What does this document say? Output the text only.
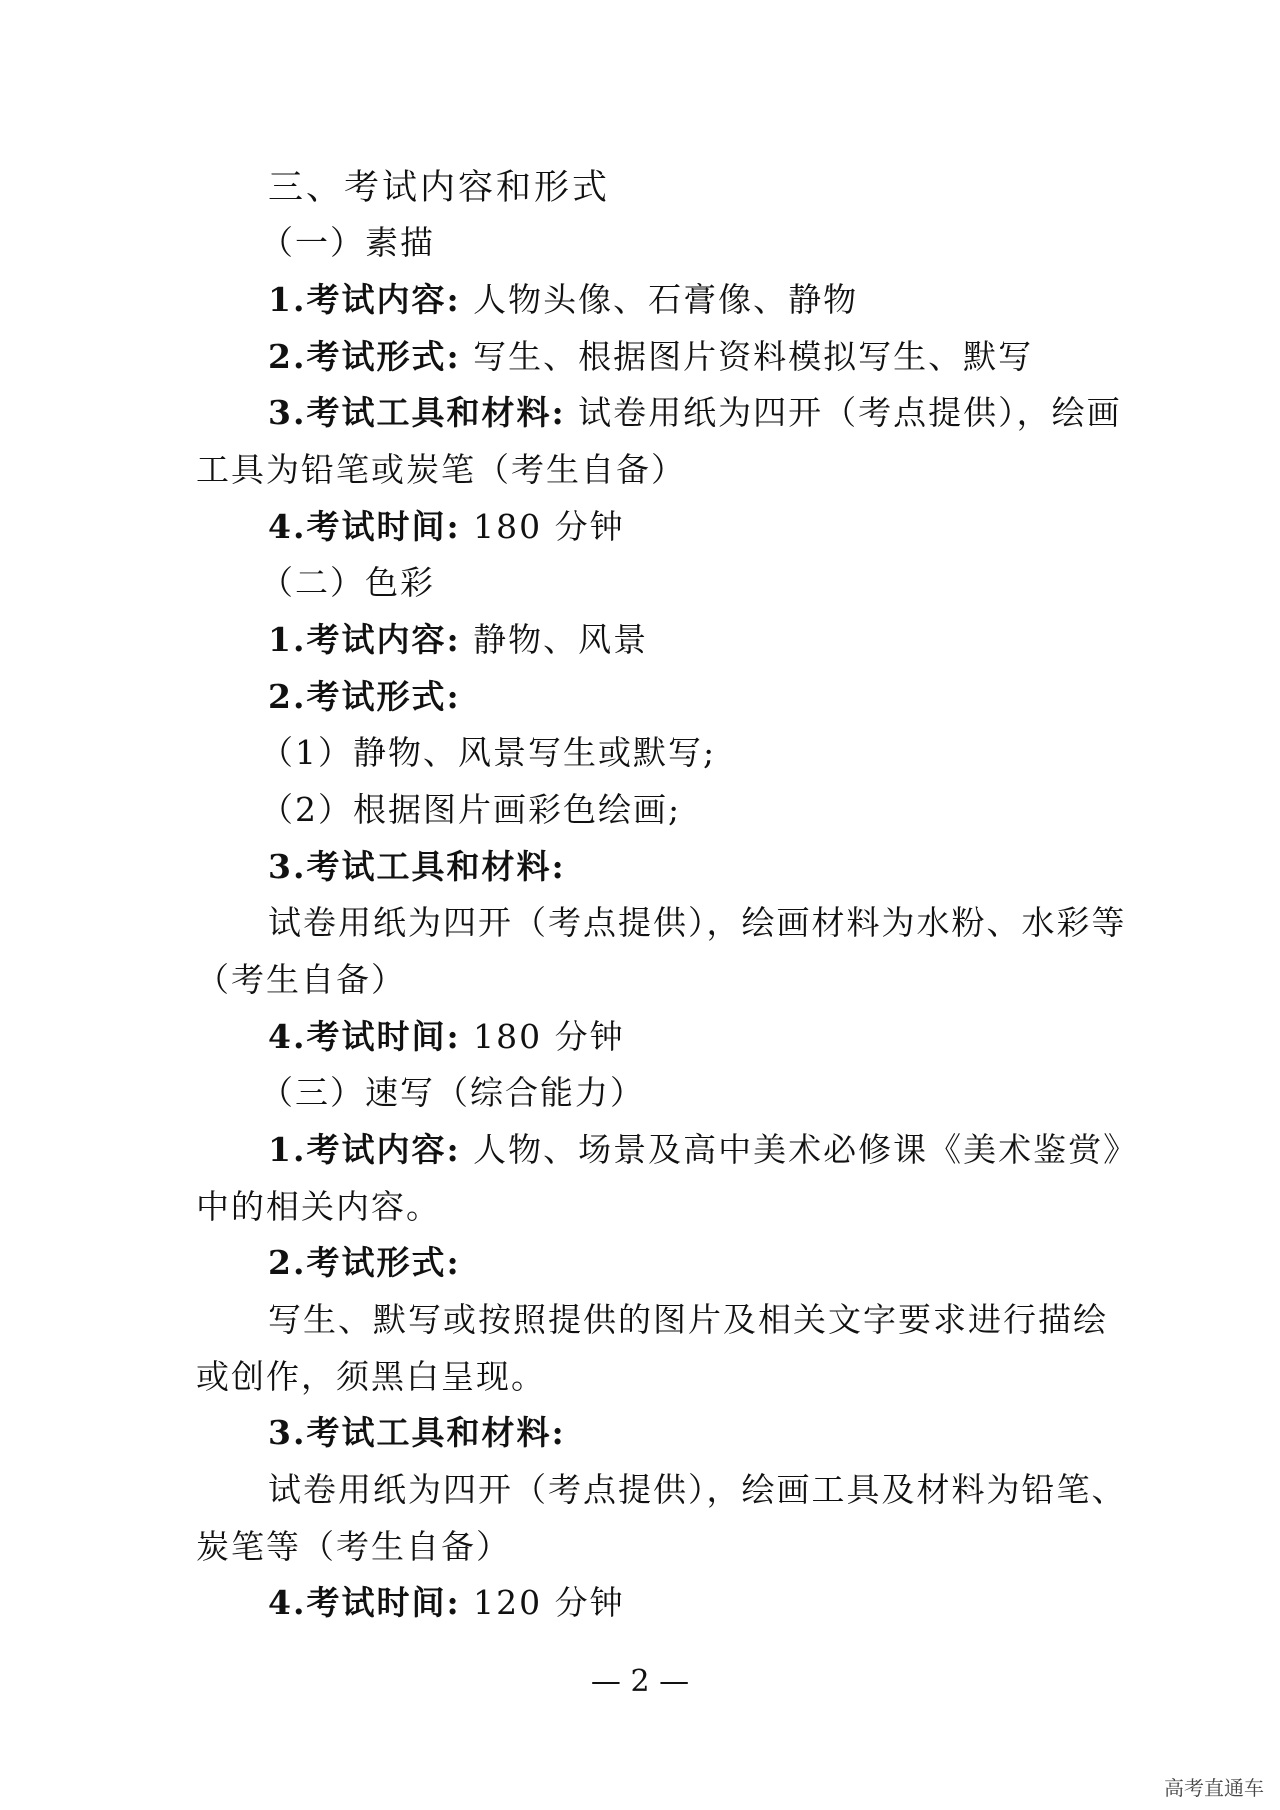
三、考试内容和形式
（一）素描
1.考试内容: 人物头像、石膏像、静物
2.考试形式: 写生、根据图片资料模拟写生、默写
3.考试工具和材料: 试卷用纸为四开（考点提供），绘画
工具为铅笔或炭笔（考生自备）
4.考试时间: 180 分钟
（二）色彩
1.考试内容: 静物、风景
2.考试形式:
（1）静物、风景写生或默写;
（2）根据图片画彩色绘画;
3.考试工具和材料:
试卷用纸为四开（考点提供），绘画材料为水粉、水彩等
（考生自备）
4.考试时间: 180 分钟
（三）速写（综合能力）
1.考试内容: 人物、场景及高中美术必修课《美术鉴赏》
中的相关内容。
2.考试形式:
写生、默写或按照提供的图片及相关文字要求进行描绘
或创作，须黑白呈现。
3.考试工具和材料:
试卷用纸为四开（考点提供），绘画工具及材料为铅笔、
炭笔等（考生自备）
4.考试时间: 120 分钟
— 2 —
高考直通车
